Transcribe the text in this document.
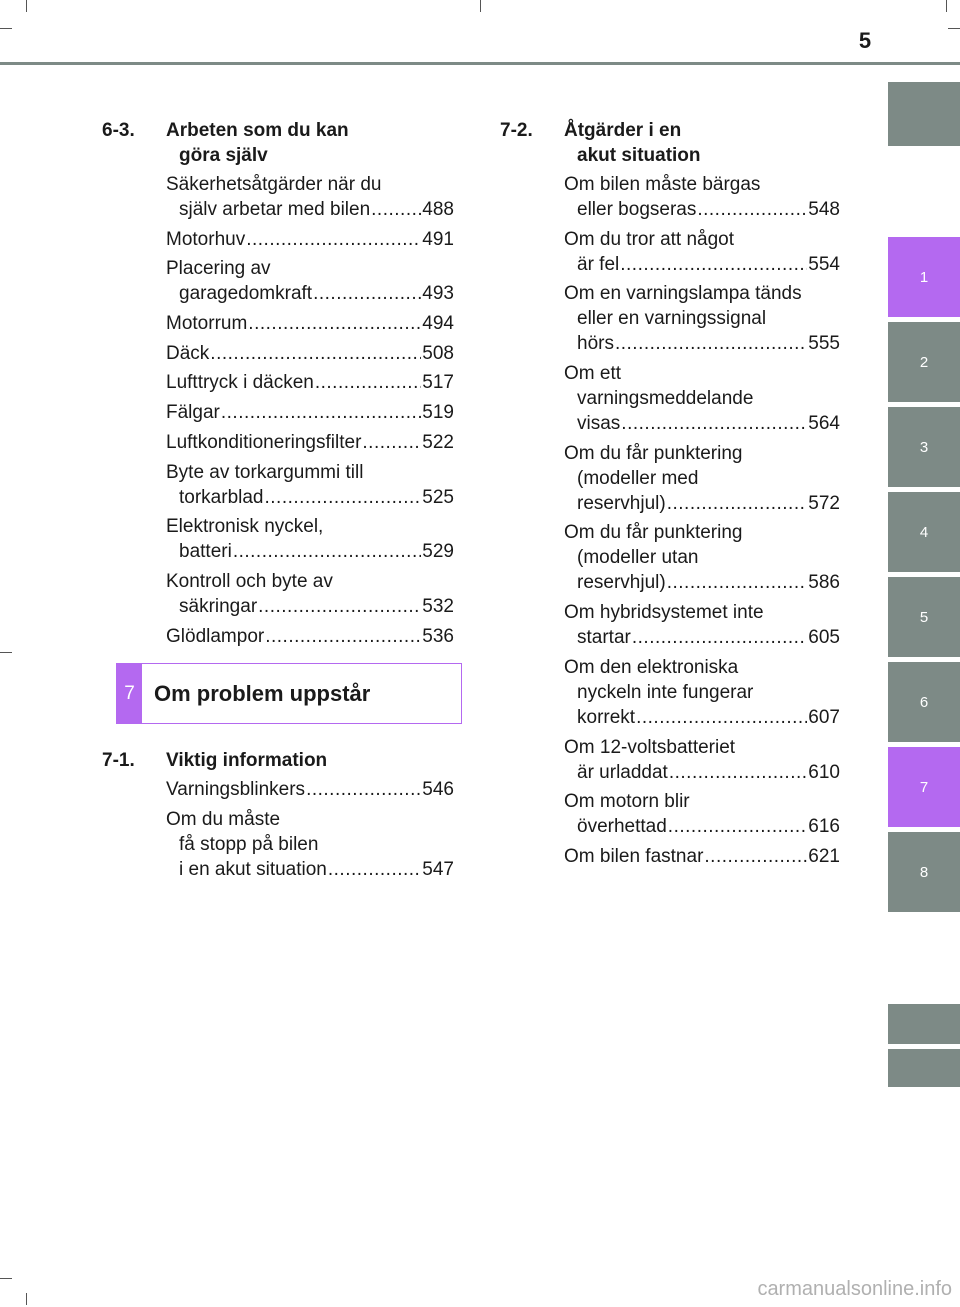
5
1
2
3
4
5
6
7
8
6-3.	Arbeten som du kan
göra själv
Säkerhetsåtgärder när du
själv arbetar med bilen .....	488
Motorhuv .....	491
Placering av
garagedomkraft .....	493
Motorrum .....	494
Däck .....	508
Lufttryck i däcken .....	517
Fälgar .....	519
Luftkonditioneringsfilter .....	522
Byte av torkargummi till
torkarblad .....	525
Elektronisk nyckel,
batteri .....	529
Kontroll och byte av
säkringar .....	532
Glödlampor .....	536
7 Om problem uppstår
7-1.	Viktig information
Varningsblinkers .....	546
Om du måste
få stopp på bilen
i en akut situation .....	547
7-2.	Åtgärder i en
akut situation
Om bilen måste bärgas
eller bogseras .....	548
Om du tror att något
är fel .....	554
Om en varningslampa tänds
eller en varningssignal
hörs .....	555
Om ett
varningsmeddelande
visas .....	564
Om du får punktering
(modeller med
reservhjul) .....	572
Om du får punktering
(modeller utan
reservhjul) .....	586
Om hybridsystemet inte
startar .....	605
Om den elektroniska
nyckeln inte fungerar
korrekt .....	607
Om 12-voltsbatteriet
är urladdat .....	610
Om motorn blir
överhettad .....	616
Om bilen fastnar .....	621
carmanualsonline.info
